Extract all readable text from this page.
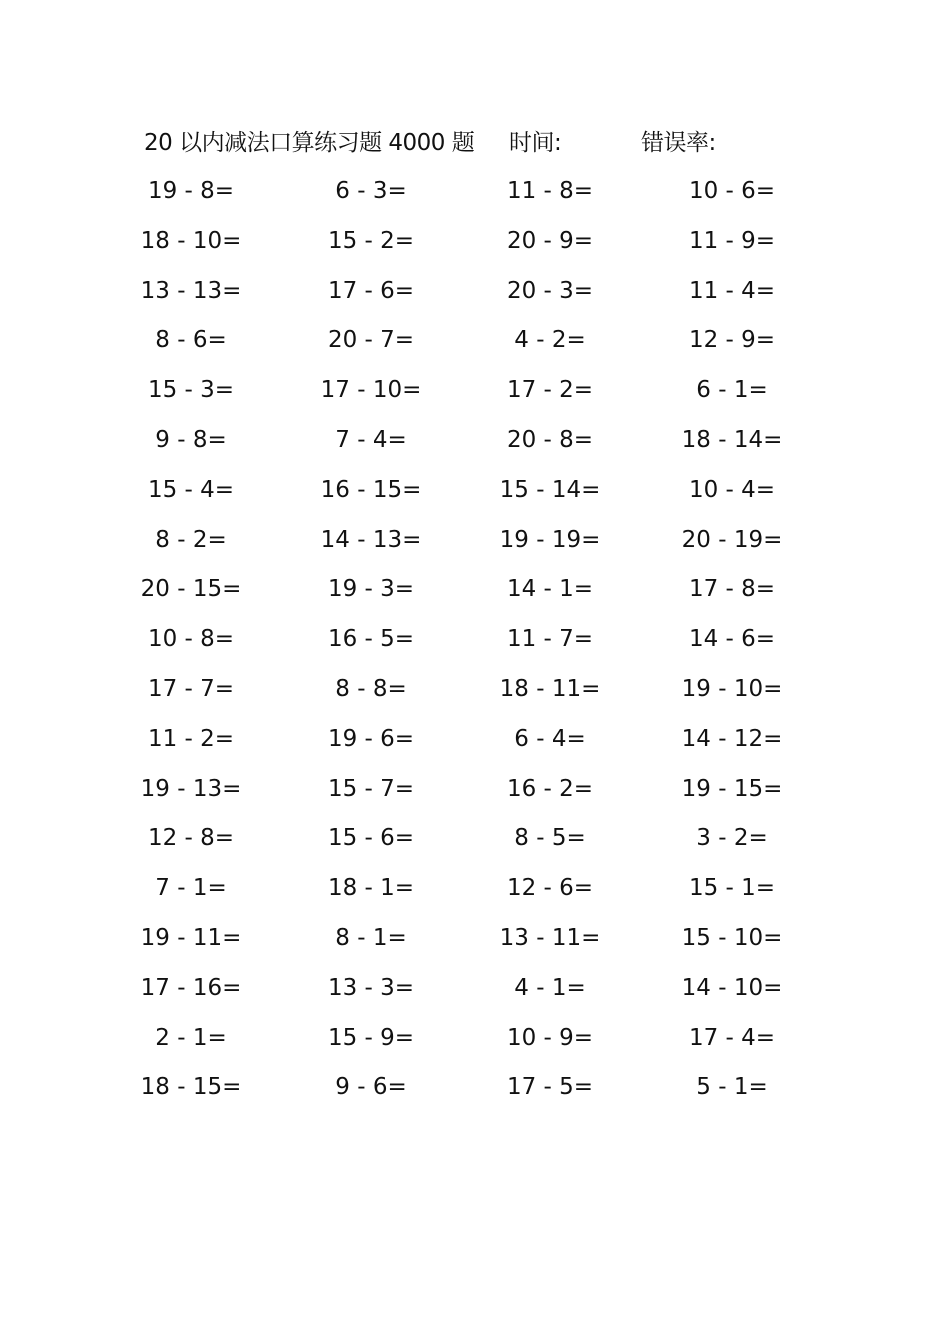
20 以内减法口算练习题 4000 题 时间:	错误率:
19 - 8=	6 - 3=	11 - 8=	10 - 6=
18 - 10=	15 - 2=	20 - 9=	11 - 9=
13 - 13=	17 - 6=	20 - 3=	11 - 4=
8 - 6=	20 - 7=	4 - 2=	12 - 9=
15 - 3=	17 - 10=	17 - 2=	6 - 1=
9 - 8=	7 - 4=	20 - 8=	18 - 14=
15 - 4=	16 - 15=	15 - 14=	10 - 4=
8 - 2=	14 - 13=	19 - 19=	20 - 19=
20 - 15=	19 - 3=	14 - 1=	17 - 8=
10 - 8=	16 - 5=	11 - 7=	14 - 6=
17 - 7=	8 - 8=	18 - 11=	19 - 10=
11 - 2=	19 - 6=	6 - 4=	14 - 12=
19 - 13=	15 - 7=	16 - 2=	19 - 15=
12 - 8=	15 - 6=	8 - 5=	3 - 2=
7 - 1=	18 - 1=	12 - 6=	15 - 1=
19 - 11=	8 - 1=	13 - 11=	15 - 10=
17 - 16=	13 - 3=	4 - 1=	14 - 10=
2 - 1=	15 - 9=	10 - 9=	17 - 4=
18 - 15=	9 - 6=	17 - 5=	5 - 1=
